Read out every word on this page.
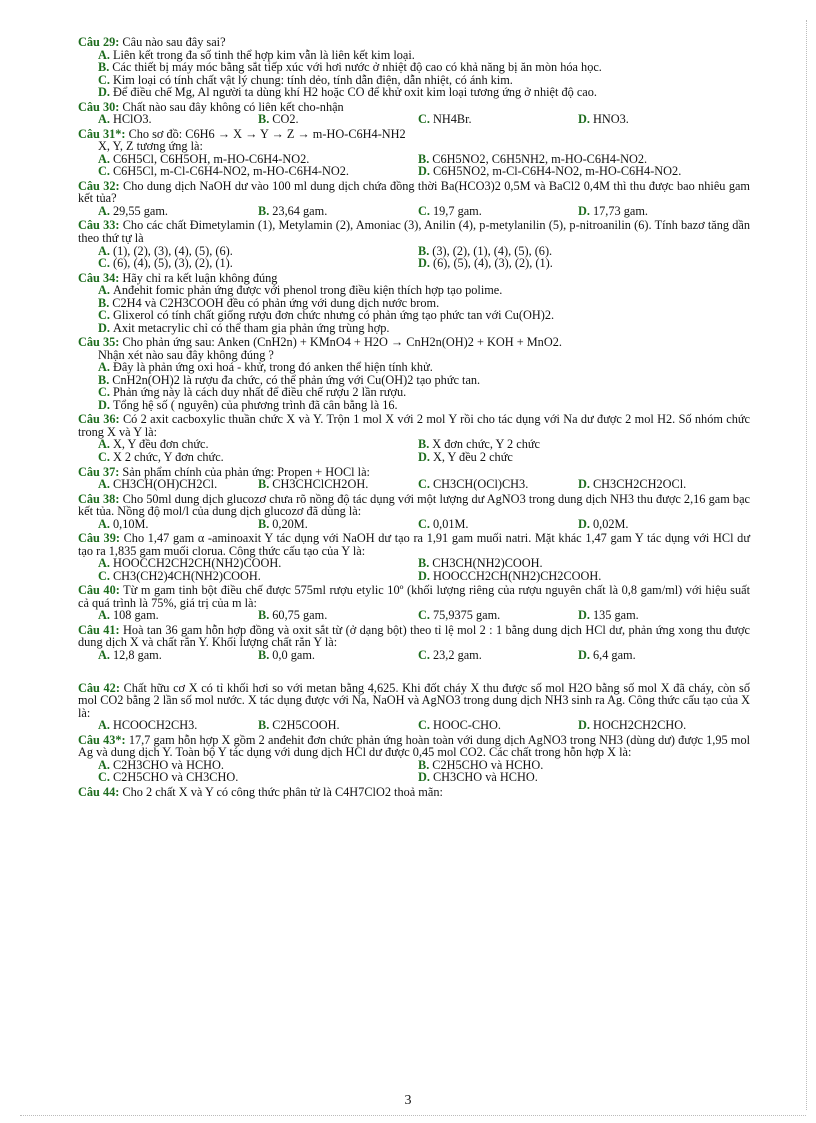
Câu 29: Câu nào sau đây sai?
A. Liên kết trong đa số tinh thể hợp kim vẫn là liên kết kim loại.
B. Các thiết bị máy móc bằng sắt tiếp xúc với hơi nước ở nhiệt độ cao có khả năng bị ăn mòn hóa học.
C. Kim loại có tính chất vật lý chung: tính dẻo, tính dẫn điện, dẫn nhiệt, có ánh kim.
D. Để điều chế Mg, Al người ta dùng khí H2 hoặc CO để khử oxit kim loại tương ứng ở nhiệt độ cao.
Câu 30: Chất nào sau đây không có liên kết cho-nhận
A. HClO3.	B. CO2.	C. NH4Br.	D. HNO3.
Câu 31*: Cho sơ đồ: C6H6 → X → Y → Z → m-HO-C6H4-NH2
X, Y, Z tương ứng là:
A. C6H5Cl, C6H5OH, m-HO-C6H4-NO2.	B. C6H5NO2, C6H5NH2, m-HO-C6H4-NO2.
C. C6H5Cl, m-Cl-C6H4-NO2, m-HO-C6H4-NO2.	D. C6H5NO2, m-Cl-C6H4-NO2, m-HO-C6H4-NO2.
Câu 32: Cho dung dịch NaOH dư vào 100 ml dung dịch chứa đồng thời Ba(HCO3)2 0,5M và BaCl2 0,4M thì thu được bao nhiêu gam kết tủa?
A. 29,55 gam.	B. 23,64 gam.	C. 19,7 gam.	D. 17,73 gam.
Câu 33: Cho các chất Đimetylamin (1), Metylamin (2), Amoniac (3), Anilin (4), p-metylanilin (5), p-nitroanilin (6). Tính bazơ tăng dần theo thứ tự là
A. (1), (2), (3), (4), (5), (6).	B. (3), (2), (1), (4), (5), (6).
C. (6), (4), (5), (3), (2), (1).	D. (6), (5), (4), (3), (2), (1).
Câu 34: Hãy chỉ ra kết luận không đúng
A. Anđehit fomic phản ứng được với phenol trong điều kiện thích hợp tạo polime.
B. C2H4 và C2H3COOH đều có phản ứng với dung dịch nước brom.
C. Glixerol có tính chất giống rượu đơn chức nhưng có phản ứng tạo phức tan với Cu(OH)2.
D. Axit metacrylic chỉ có thể tham gia phản ứng trùng hợp.
Câu 35: Cho phản ứng sau: Anken (CnH2n) + KMnO4 + H2O → CnH2n(OH)2 + KOH + MnO2.
Nhận xét nào sau đây không đúng ?
A. Đây là phản ứng oxi hoá - khử, trong đó anken thể hiện tính khử.
B. CnH2n(OH)2 là rượu đa chức, có thể phản ứng với Cu(OH)2 tạo phức tan.
C. Phản ứng này là cách duy nhất để điều chế rượu 2 lần rượu.
D. Tổng hệ số ( nguyên) của phương trình đã cân bằng là 16.
Câu 36: Có 2 axit cacboxylic thuần chức X và Y. Trộn 1 mol X với 2 mol Y rồi cho tác dụng với Na dư được 2 mol H2. Số nhóm chức trong X và Y là:
A. X, Y đều đơn chức.	B. X đơn chức, Y 2 chức
C. X 2 chức, Y đơn chức.	D. X, Y đều 2 chức
Câu 37: Sản phẩm chính của phản ứng: Propen + HOCl là:
A. CH3CH(OH)CH2Cl.	B. CH3CHClCH2OH.	C. CH3CH(OCl)CH3.	D. CH3CH2CH2OCl.
Câu 38: Cho 50ml dung dịch glucozơ chưa rõ nồng độ tác dụng với một lượng dư AgNO3 trong dung dịch NH3 thu được 2,16 gam bạc kết tủa. Nồng độ mol/l của dung dịch glucozơ đã dùng là:
A. 0,10M.	B. 0,20M.	C. 0,01M.	D. 0,02M.
Câu 39: Cho 1,47 gam α -aminoaxit Y tác dụng với NaOH dư tạo ra 1,91 gam muối natri. Mặt khác 1,47 gam Y tác dụng với HCl dư tạo ra 1,835 gam muối clorua. Công thức cấu tạo của Y là:
A. HOOCCH2CH2CH(NH2)COOH.	B. CH3CH(NH2)COOH.
C. CH3(CH2)4CH(NH2)COOH.	D. HOOCCH2CH(NH2)CH2COOH.
Câu 40: Từ m gam tinh bột điều chế được 575ml rượu etylic 10º (khối lượng riêng của rượu nguyên chất là 0,8 gam/ml) với hiệu suất cả quá trình là 75%, giá trị của m là:
A. 108 gam.	B. 60,75 gam.	C. 75,9375 gam.	D. 135 gam.
Câu 41: Hoà tan 36 gam hỗn hợp đồng và oxit sắt từ (ở dạng bột) theo tỉ lệ mol 2 : 1 bằng dung dịch HCl dư, phản ứng xong thu được dung dịch X và chất rắn Y. Khối lượng chất rắn Y là:
A. 12,8 gam.	B. 0,0 gam.	C. 23,2 gam.	D. 6,4 gam.
Câu 42: Chất hữu cơ X có tỉ khối hơi so với metan bằng 4,625. Khi đốt cháy X thu được số mol H2O bằng số mol X đã cháy, còn số mol CO2 bằng 2 lần số mol nước. X tác dụng được với Na, NaOH và AgNO3 trong dung dịch NH3 sinh ra Ag. Công thức cấu tạo của X là:
A. HCOOCH2CH3.	B. C2H5COOH.	C. HOOC-CHO.	D. HOCH2CH2CHO.
Câu 43*: 17,7 gam hỗn hợp X gồm 2 anđehit đơn chức phản ứng hoàn toàn với dung dịch AgNO3 trong NH3 (dùng dư) được 1,95 mol Ag và dung dịch Y. Toàn bộ Y tác dụng với dung dịch HCl dư được 0,45 mol CO2. Các chất trong hỗn hợp X là:
A. C2H3CHO và HCHO.	B. C2H5CHO và HCHO.
C. C2H5CHO và CH3CHO.	D. CH3CHO và HCHO.
Câu 44: Cho 2 chất X và Y có công thức phân tử là C4H7ClO2 thoả mãn:
3
